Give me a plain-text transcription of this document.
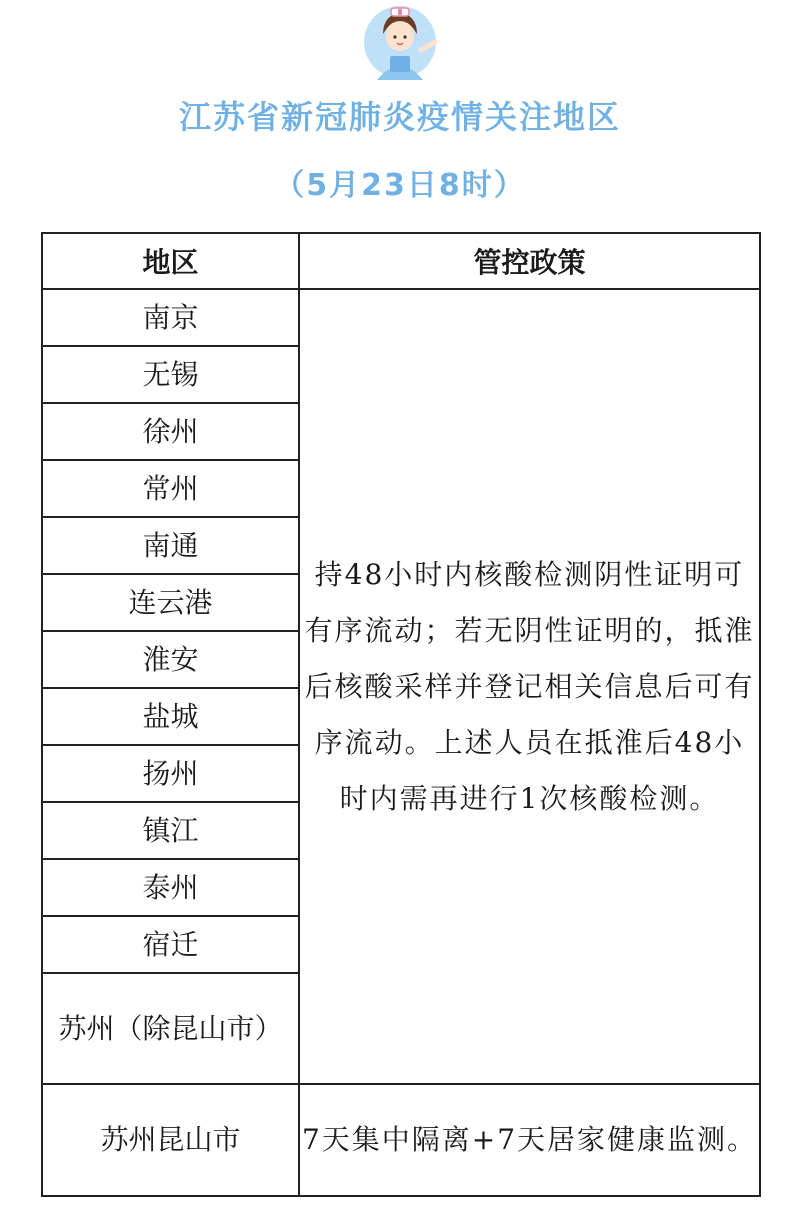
江苏省新冠肺炎疫情关注地区
（5月23日8时）
地区	管控政策
南京	持48小时内核酸检测阴性证明可有序流动；若无阴性证明的，抵淮后核酸采样并登记相关信息后可有序流动。上述人员在抵淮后48小时内需再进行1次核酸检测。
无锡	
徐州	
常州	
南通	
连云港	
淮安	
盐城	
扬州	
镇江	
泰州	
宿迁	
苏州（除昆山市）	
苏州昆山市	7天集中隔离+7天居家健康监测。
